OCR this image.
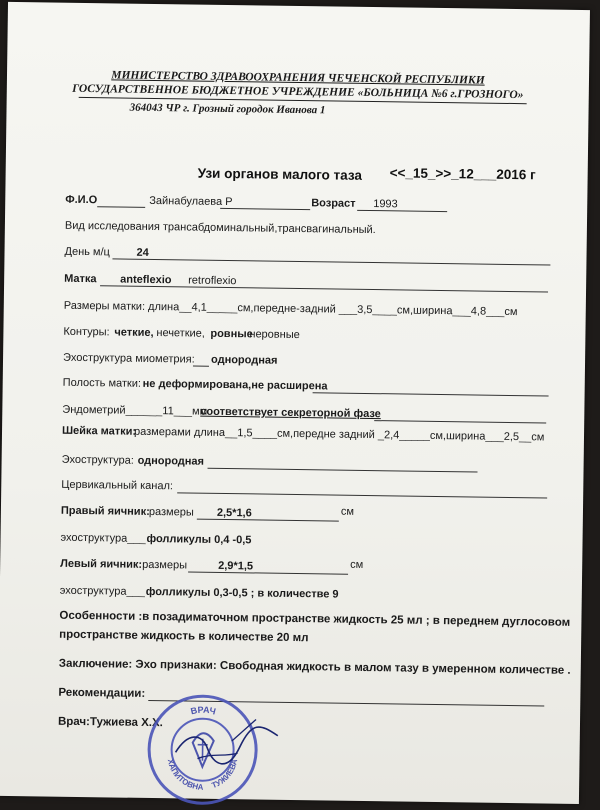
МИНИСТЕРСТВО ЗДРАВООХРАНЕНИЯ ЧЕЧЕНСКОЙ РЕСПУБЛИКИ
ГОСУДАРСТВЕННОЕ БЮДЖЕТНОЕ УЧРЕЖДЕНИЕ «БОЛЬНИЦА №6 г.ГРОЗНОГО»
364043 ЧР г. Грозный городок Иванова 1
Узи органов малого таза <<_15_>>_12___2016 г
Ф.И.О	Зайнабулаева Р	Возраст 1993
Вид исследования трансабдоминальный,трансвагинальный.
День м/ц 24
Матка anteflexio retroflexio
Размеры матки: длина__4,1_____см,передне-задний ___3,5____см,ширина___4,8___см
Контуры: четкие, нечеткие, ровные
неровные
Эхоструктура миометрия: однородная
Полость матки: не деформирована,не расширена
Эндометрий______11___мм
соответствует секреторной фазе
Шейка матки:
размерами длина__1,5____см,передне задний _2,4_____см,ширина___2,5__см
Эхоструктура: однородная
Цервикальный канал:
Правый яичник:
размеры 2,5*1,6	см
эхоструктура___ фолликулы 0,4 -0,5
Левый яичник: размеры	2,9*1,5	см
эхоструктура___ фолликулы 0,3-0,5 ; в количестве 9
Особенности :в позадиматочном пространстве жидкость 25 мл ; в переднем дуглосовом
пространстве жидкость в количестве 20 мл
Заключение: Эхо признаки: Свободная жидкость в малом тазу в умеренном количестве .
Рекомендации:
Врач:Тужиева Х.Х.
ВРАЧ
ХАПИТОВНА ТУЖИЕВА
